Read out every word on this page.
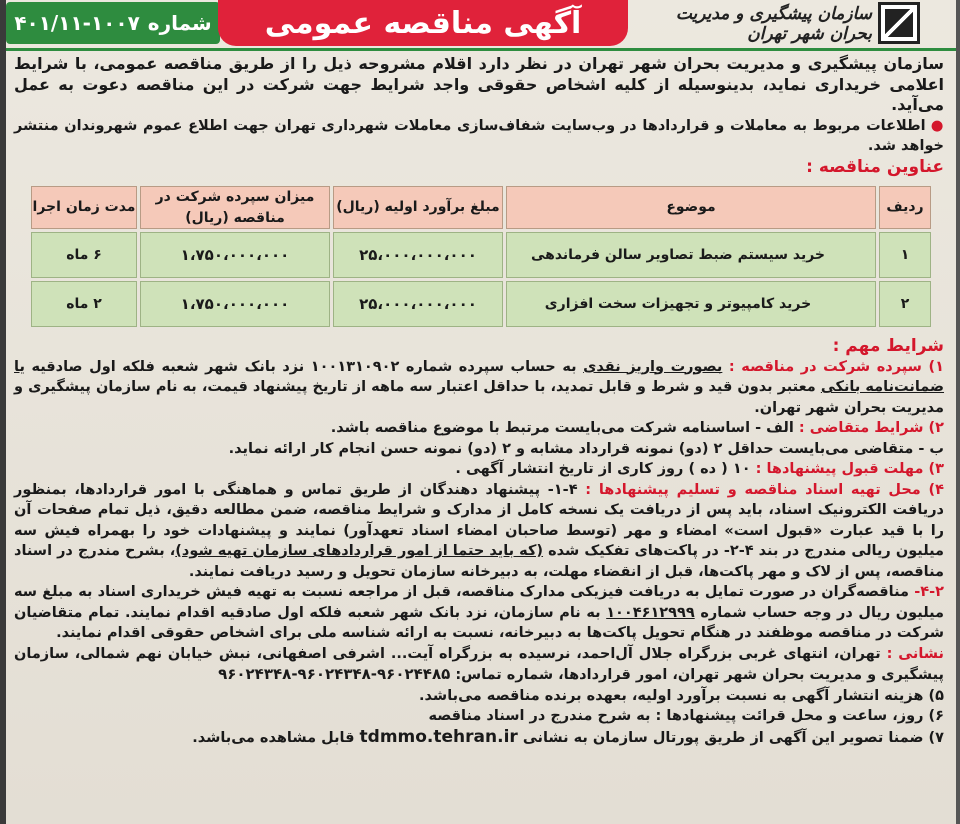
شماره
۴۰۱/۱۱-۱۰۰۷	آگهی مناقصه عمومی	سازمان پیشگیری و مدیریت بحران شهر تهران

سازمان پیشگیری و مدیریت بحران شهر تهران در نظر دارد اقلام مشروحه ذیل را از طریق مناقصه عمومی، با شرایط اعلامی خریداری نماید، بدینوسیله از کلیه اشخاص حقوقی واجد شرایط جهت شرکت در این مناقصه دعوت به عمل می‌آید.

● اطلاعات مربوط به معاملات و قراردادها در وب‌سایت شفاف‌سازی معاملات شهرداری تهران جهت اطلاع عموم شهروندان منتشر خواهد شد.

عناوین مناقصه :

ردیف	موضوع	مبلغ برآورد اولیه (ریال)	میزان سپرده شرکت در مناقصه (ریال)	مدت زمان اجرا
۱	خرید سیستم ضبط تصاویر سالن فرماندهی	۲۵،۰۰۰،۰۰۰،۰۰۰	۱،۷۵۰،۰۰۰،۰۰۰	۶ ماه
۲	خرید کامپیوتر و تجهیزات سخت افزاری	۲۵،۰۰۰،۰۰۰،۰۰۰	۱،۷۵۰،۰۰۰،۰۰۰	۲ ماه

شرایط مهم :

۱) سپرده شرکت در مناقصه : بصورت واریز نقدی به حساب سپرده شماره ۱۰۰۱۳۱۰۹۰۲ نزد بانک شهر شعبه فلکه اول صادقیه یا ضمانت‌نامه بانکی معتبر بدون قید و شرط و قابل تمدید، با حداقل اعتبار سه ماهه از تاریخ پیشنهاد قیمت، به نام سازمان پیشگیری و مدیریت بحران شهر تهران.

۲) شرایط متقاضی : الف - اساسنامه شرکت می‌بایست مرتبط با موضوع مناقصه باشد.

ب - متقاضی می‌بایست حداقل ۲ (دو) نمونه قرارداد مشابه و ۲ (دو) نمونه حسن انجام کار ارائه نماید.

۳) مهلت قبول پیشنهادها : ۱۰ ( ده ) روز کاری از تاریخ انتشار آگهی .

۴) محل تهیه اسناد مناقصه و تسلیم پیشنهادها : ۴-۱- پیشنهاد دهندگان از طریق تماس و هماهنگی با امور قراردادها، بمنظور دریافت الکترونیک اسناد، باید پس از دریافت یک نسخه کامل از مدارک و شرایط مناقصه، ضمن مطالعه دقیق، ذیل تمام صفحات آن را با قید عبارت «قبول است» امضاء و مهر (توسط صاحبان امضاء اسناد تعهدآور) نمایند و پیشنهادات خود را بهمراه فیش سه میلیون ریالی مندرج در بند ۴-۲- در پاکت‌های تفکیک شده (که باید حتما از امور قراردادهای سازمان تهیه شود)، بشرح مندرج در اسناد مناقصه، پس از لاک و مهر پاکت‌ها، قبل از انقضاء مهلت، به دبیرخانه سازمان تحویل و رسید دریافت نمایند.

۴-۲- مناقصه‌گران در صورت تمایل به دریافت فیزیکی مدارک مناقصه، قبل از مراجعه نسبت به تهیه فیش خریداری اسناد به مبلغ سه میلیون ریال در وجه حساب شماره ۱۰۰۴۶۱۲۹۹۹ به نام سازمان، نزد بانک شهر شعبه فلکه اول صادقیه اقدام نمایند. تمام متقاضیان شرکت در مناقصه موظفند در هنگام تحویل پاکت‌ها به دبیرخانه، نسبت به ارائه شناسه ملی برای اشخاص حقوقی اقدام نمایند.

نشانی : تهران، انتهای غربی بزرگراه جلال آل‌احمد، نرسیده به بزرگراه آیت‌... اشرفی اصفهانی، نبش خیابان نهم شمالی، سازمان پیشگیری و مدیریت بحران شهر تهران، امور قراردادها، شماره تماس: ۹۶۰۲۴۴۸۵-۹۶۰۲۴۳۴۸-۹۶۰۲۴۳۴۸

۵) هزینه انتشار آگهی به نسبت برآورد اولیه، بعهده برنده مناقصه می‌باشد.

۶) روز، ساعت و محل قرائت پیشنهادها : به شرح مندرج در اسناد مناقصه

۷) ضمنا تصویر این آگهی از طریق پورتال سازمان به نشانی tdmmo.tehran.ir قابل مشاهده می‌باشد.
